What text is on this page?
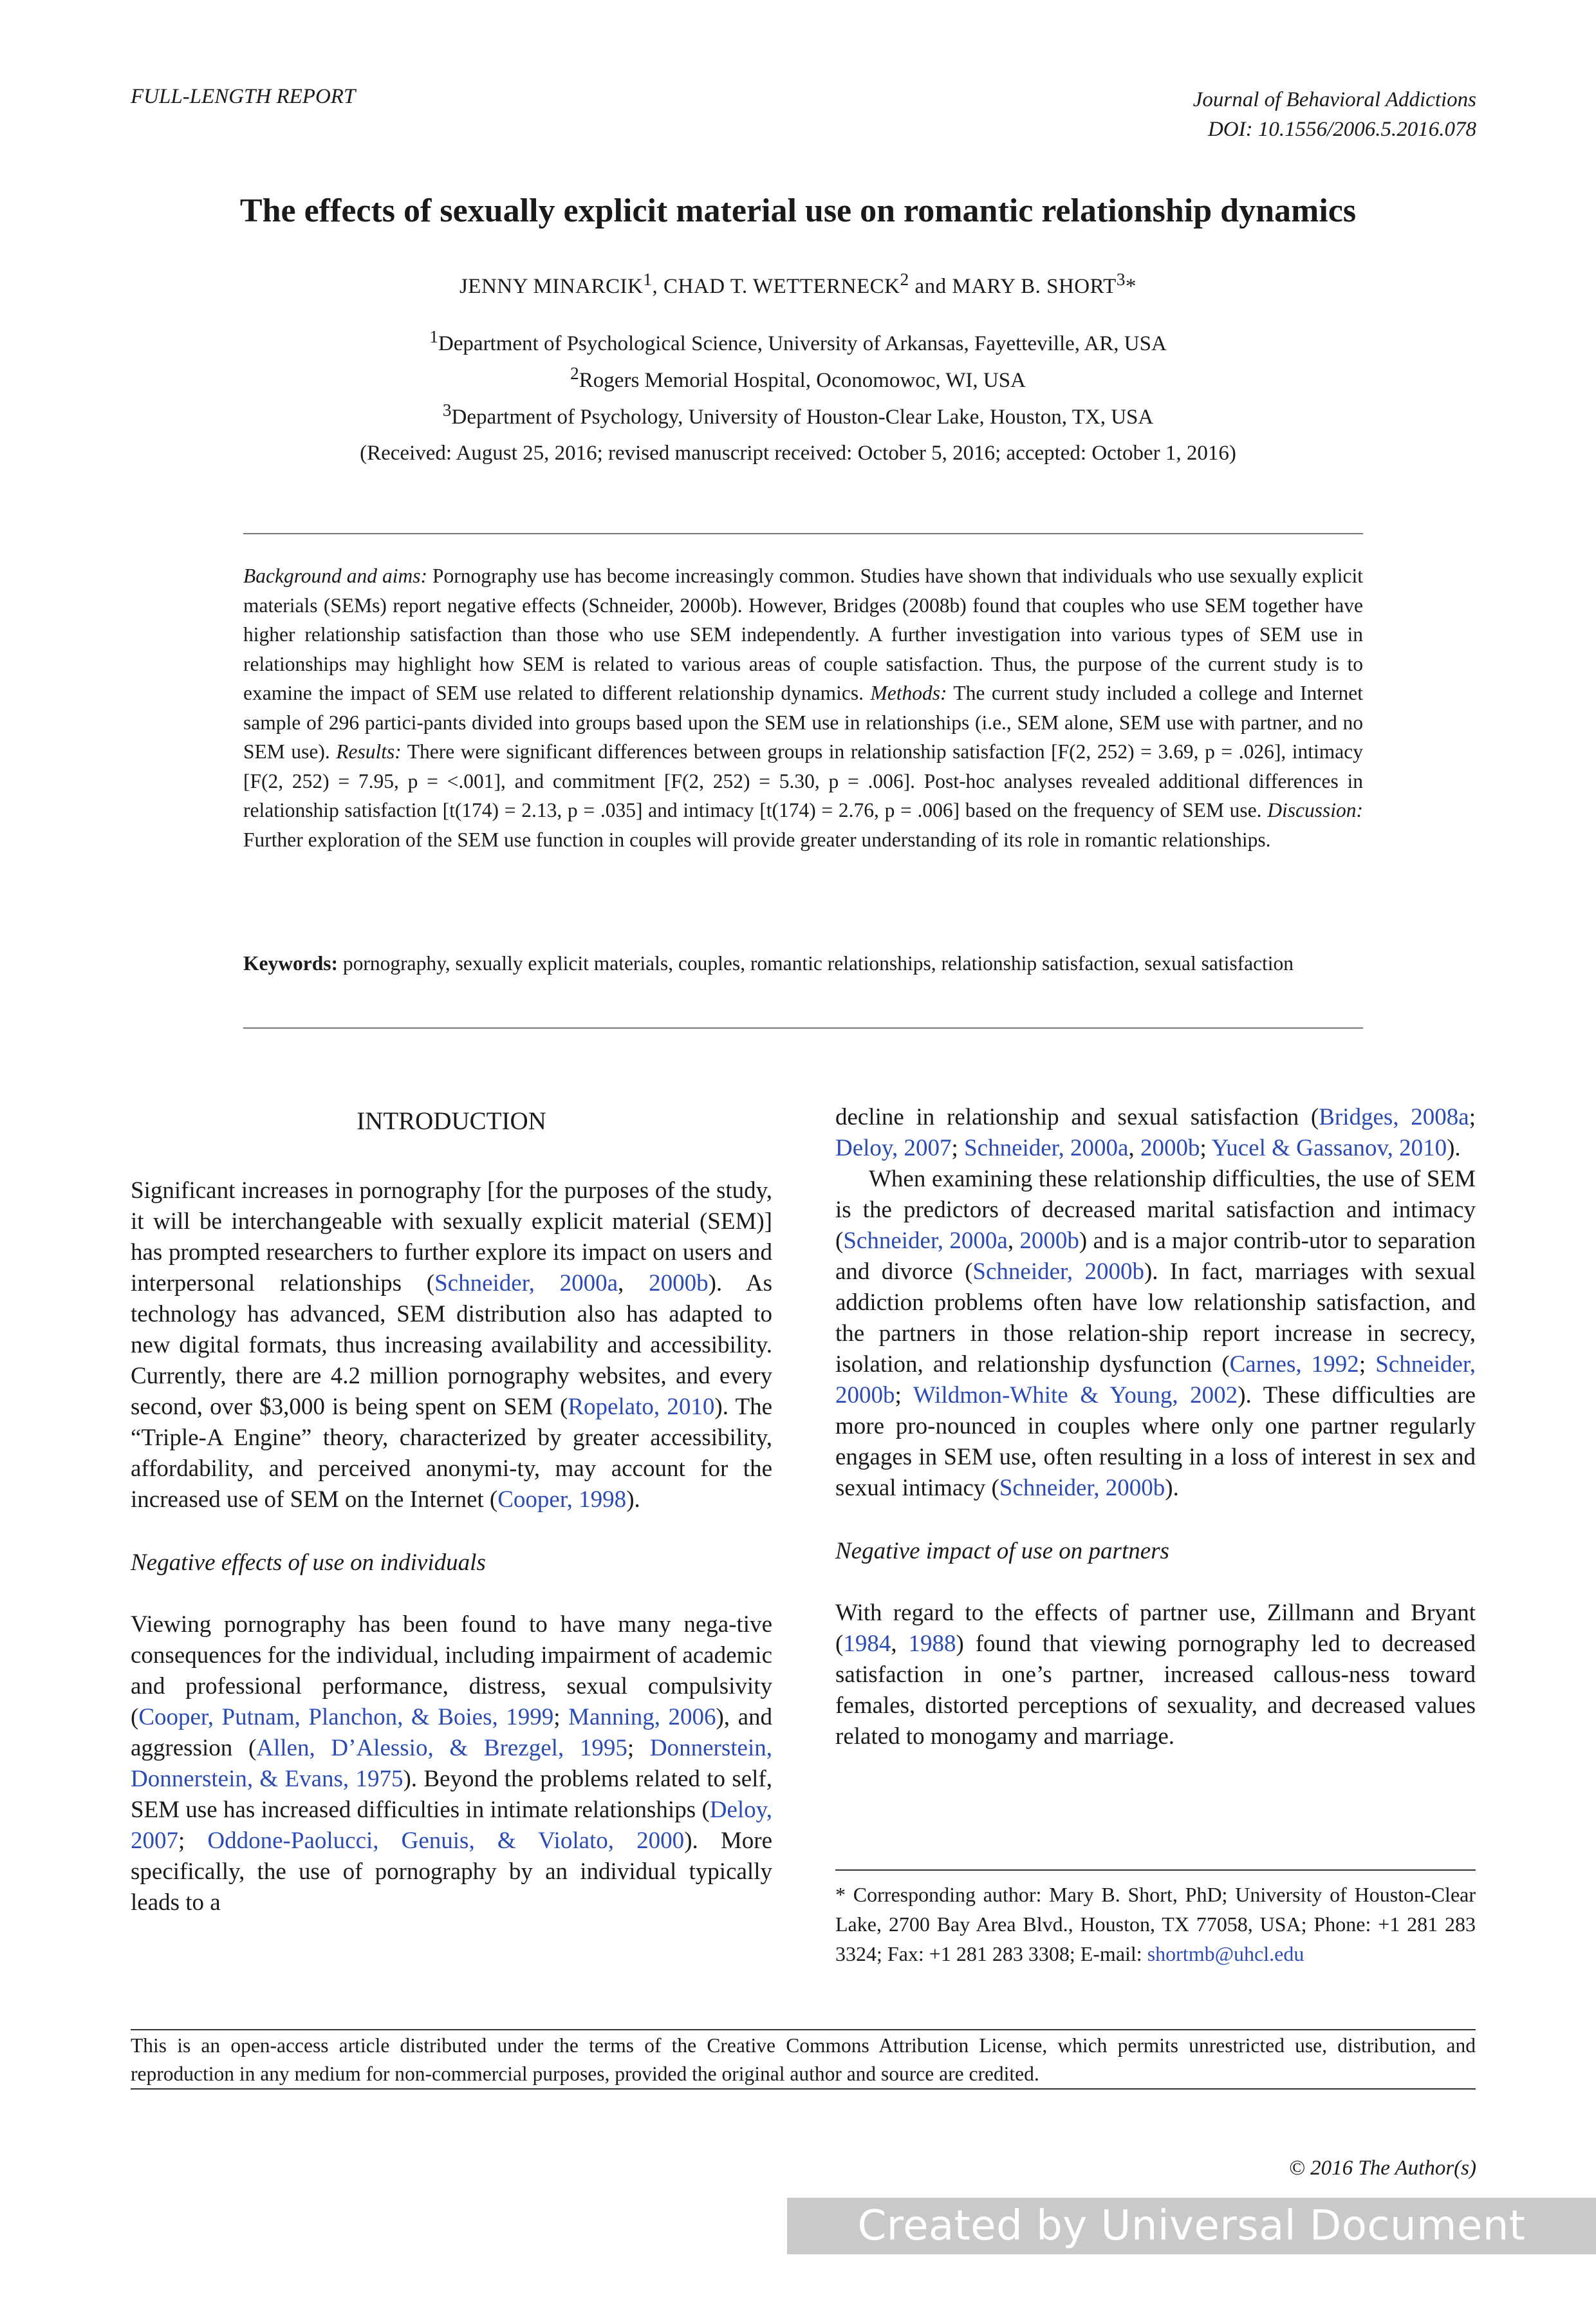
FULL-LENGTH REPORT	Journal of Behavioral Addictions
DOI: 10.1556/2006.5.2016.078
The effects of sexually explicit material use on romantic relationship dynamics
JENNY MINARCIK$^1$, CHAD T. WETTERNECK$^2$ and MARY B. SHORT$^3$*
$^1$Department of Psychological Science, University of Arkansas, Fayetteville, AR, USA
$^2$Rogers Memorial Hospital, Oconomowoc, WI, USA
$^3$Department of Psychology, University of Houston-Clear Lake, Houston, TX, USA
(Received: August 25, 2016; revised manuscript received: October 5, 2016; accepted: October 1, 2016)
Background and aims: Pornography use has become increasingly common. Studies have shown that individuals who use sexually explicit materials (SEMs) report negative effects (Schneider, 2000b). However, Bridges (2008b) found that couples who use SEM together have higher relationship satisfaction than those who use SEM independently. A further investigation into various types of SEM use in relationships may highlight how SEM is related to various areas of couple satisfaction. Thus, the purpose of the current study is to examine the impact of SEM use related to different relationship dynamics. Methods: The current study included a college and Internet sample of 296 partici-pants divided into groups based upon the SEM use in relationships (i.e., SEM alone, SEM use with partner, and no SEM use). Results: There were significant differences between groups in relationship satisfaction [F(2, 252) = 3.69, p = .026], intimacy [F(2, 252) = 7.95, p = <.001], and commitment [F(2, 252) = 5.30, p = .006]. Post-hoc analyses revealed additional differences in relationship satisfaction [t(174) = 2.13, p = .035] and intimacy [t(174) = 2.76, p = .006] based on the frequency of SEM use. Discussion: Further exploration of the SEM use function in couples will provide greater understanding of its role in romantic relationships.
Keywords: pornography, sexually explicit materials, couples, romantic relationships, relationship satisfaction, sexual satisfaction
INTRODUCTION

Significant increases in pornography [for the purposes of the study, it will be interchangeable with sexually explicit material (SEM)] has prompted researchers to further explore its impact on users and interpersonal relationships (Schneider, 2000a, 2000b). As technology has advanced, SEM distribution also has adapted to new digital formats, thus increasing availability and accessibility. Currently, there are 4.2 million pornography websites, and every second, over $3,000 is being spent on SEM (Ropelato, 2010). The “Triple-A Engine” theory, characterized by greater accessibility, affordability, and perceived anonymi-ty, may account for the increased use of SEM on the Internet (Cooper, 1998).

Negative effects of use on individuals

Viewing pornography has been found to have many nega-tive consequences for the individual, including impairment of academic and professional performance, distress, sexual compulsivity (Cooper, Putnam, Planchon, & Boies, 1999; Manning, 2006), and aggression (Allen, D’Alessio, & Brezgel, 1995; Donnerstein, Donnerstein, & Evans, 1975). Beyond the problems related to self, SEM use has increased difficulties in intimate relationships (Deloy, 2007; Oddone-Paolucci, Genuis, & Violato, 2000). More specifically, the use of pornography by an individual typically leads to a

decline in relationship and sexual satisfaction (Bridges, 2008a; Deloy, 2007; Schneider, 2000a, 2000b; Yucel & Gassanov, 2010).

When examining these relationship difficulties, the use of SEM is the predictors of decreased marital satisfaction and intimacy (Schneider, 2000a, 2000b) and is a major contrib-utor to separation and divorce (Schneider, 2000b). In fact, marriages with sexual addiction problems often have low relationship satisfaction, and the partners in those relation-ship report increase in secrecy, isolation, and relationship dysfunction (Carnes, 1992; Schneider, 2000b; Wildmon-White & Young, 2002). These difficulties are more pro-nounced in couples where only one partner regularly engages in SEM use, often resulting in a loss of interest in sex and sexual intimacy (Schneider, 2000b).

Negative impact of use on partners

With regard to the effects of partner use, Zillmann and Bryant (1984, 1988) found that viewing pornography led to decreased satisfaction in one’s partner, increased callous-ness toward females, distorted perceptions of sexuality, and decreased values related to monogamy and marriage.

* Corresponding author: Mary B. Short, PhD; University of Houston-Clear Lake, 2700 Bay Area Blvd., Houston, TX 77058, USA; Phone: +1 281 283 3324; Fax: +1 281 283 3308; E-mail: shortmb@uhcl.edu
This is an open-access article distributed under the terms of the Creative Commons Attribution License, which permits unrestricted use, distribution, and reproduction in any medium for non-commercial purposes, provided the original author and source are credited.
© 2016 The Author(s)
Created by Universal Document Converter
